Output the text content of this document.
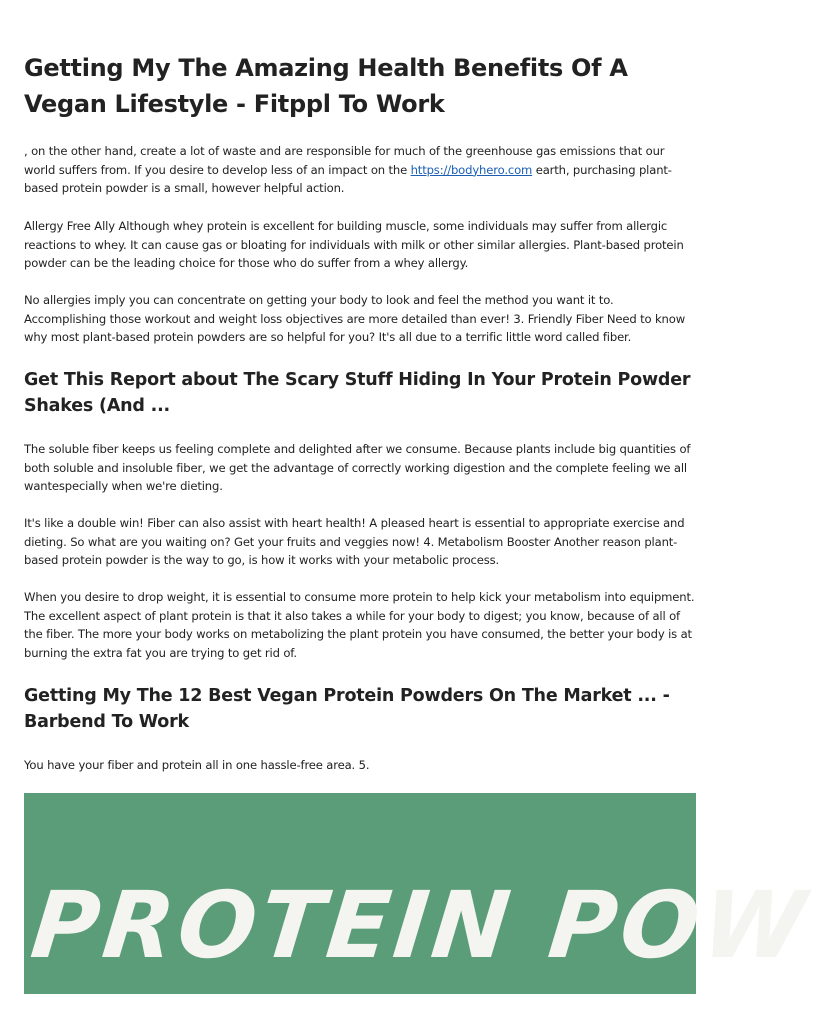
Getting My The Amazing Health Benefits Of A Vegan Lifestyle - Fitppl To Work

, on the other hand, create a lot of waste and are responsible for much of the greenhouse gas emissions that our world suffers from. If you desire to develop less of an impact on the https://bodyhero.com earth, purchasing plant-based protein powder is a small, however helpful action.

Allergy Free Ally Although whey protein is excellent for building muscle, some individuals may suffer from allergic reactions to whey. It can cause gas or bloating for individuals with milk or other similar allergies. Plant-based protein powder can be the leading choice for those who do suffer from a whey allergy.

No allergies imply you can concentrate on getting your body to look and feel the method you want it to. Accomplishing those workout and weight loss objectives are more detailed than ever! 3. Friendly Fiber Need to know why most plant-based protein powders are so helpful for you? It's all due to a terrific little word called fiber.

Get This Report about The Scary Stuff Hiding In Your Protein Powder Shakes (And ...

The soluble fiber keeps us feeling complete and delighted after we consume. Because plants include big quantities of both soluble and insoluble fiber, we get the advantage of correctly working digestion and the complete feeling we all wantespecially when we're dieting.

It's like a double win! Fiber can also assist with heart health! A pleased heart is essential to appropriate exercise and dieting. So what are you waiting on? Get your fruits and veggies now! 4. Metabolism Booster Another reason plant-based protein powder is the way to go, is how it works with your metabolic process.

When you desire to drop weight, it is essential to consume more protein to help kick your metabolism into equipment. The excellent aspect of plant protein is that it also takes a while for your body to digest; you know, because of all of the fiber. The more your body works on metabolizing the plant protein you have consumed, the better your body is at burning the extra fat you are trying to get rid of.

Getting My The 12 Best Vegan Protein Powders On The Market ... - Barbend To Work

You have your fiber and protein all in one hassle-free area. 5.

PROTEIN POW
